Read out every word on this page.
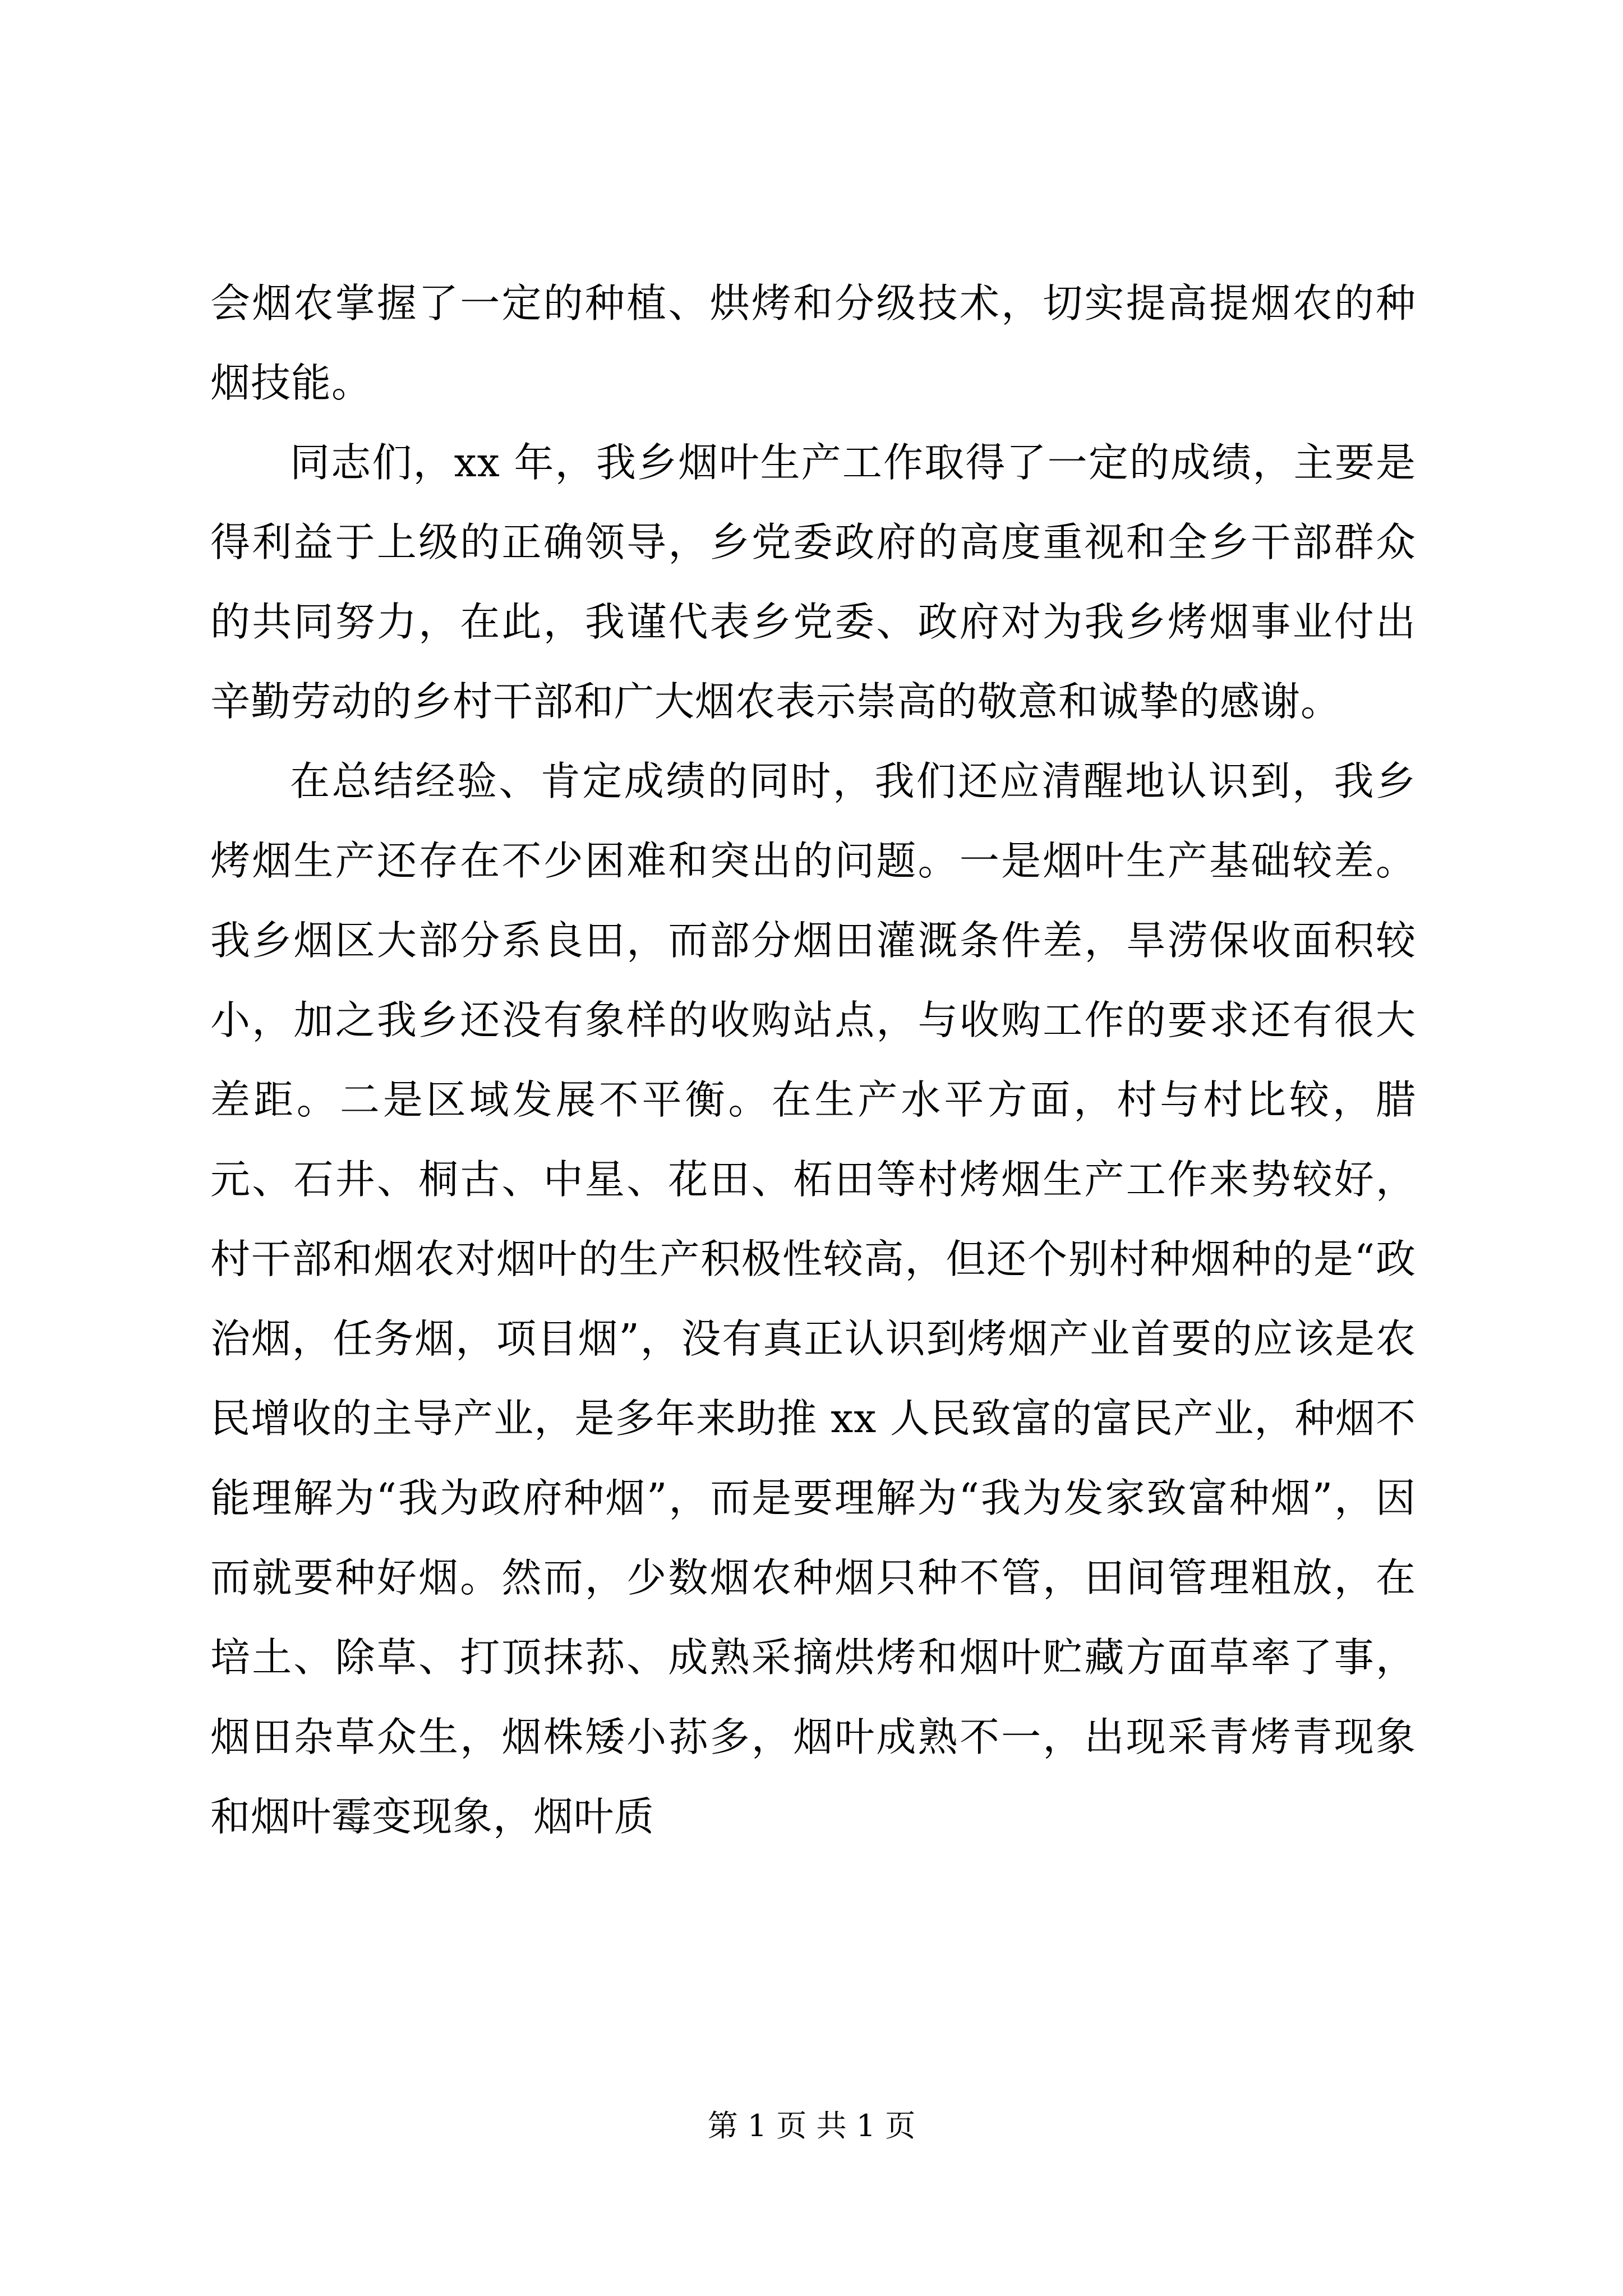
会烟农掌握了一定的种植、烘烤和分级技术，切实提高提烟农的种烟技能。

同志们，xx 年，我乡烟叶生产工作取得了一定的成绩，主要是得利益于上级的正确领导，乡党委政府的高度重视和全乡干部群众的共同努力，在此，我谨代表乡党委、政府对为我乡烤烟事业付出辛勤劳动的乡村干部和广大烟农表示崇高的敬意和诚挚的感谢。

在总结经验、肯定成绩的同时，我们还应清醒地认识到，我乡烤烟生产还存在不少困难和突出的问题。一是烟叶生产基础较差。我乡烟区大部分系良田，而部分烟田灌溉条件差，旱涝保收面积较小，加之我乡还没有象样的收购站点，与收购工作的要求还有很大差距。二是区域发展不平衡。在生产水平方面，村与村比较，腊元、石井、桐古、中星、花田、柘田等村烤烟生产工作来势较好，村干部和烟农对烟叶的生产积极性较高，但还个别村种烟种的是“政治烟，任务烟，项目烟”，没有真正认识到烤烟产业首要的应该是农民增收的主导产业，是多年来助推 xx 人民致富的富民产业，种烟不能理解为“我为政府种烟”，而是要理解为“我为发家致富种烟”，因而就要种好烟。然而，少数烟农种烟只种不管，田间管理粗放，在培土、除草、打顶抹荪、成熟采摘烘烤和烟叶贮藏方面草率了事，烟田杂草众生，烟株矮小荪多，烟叶成熟不一，出现采青烤青现象和烟叶霉变现象，烟叶质

第 1 页 共 1 页
